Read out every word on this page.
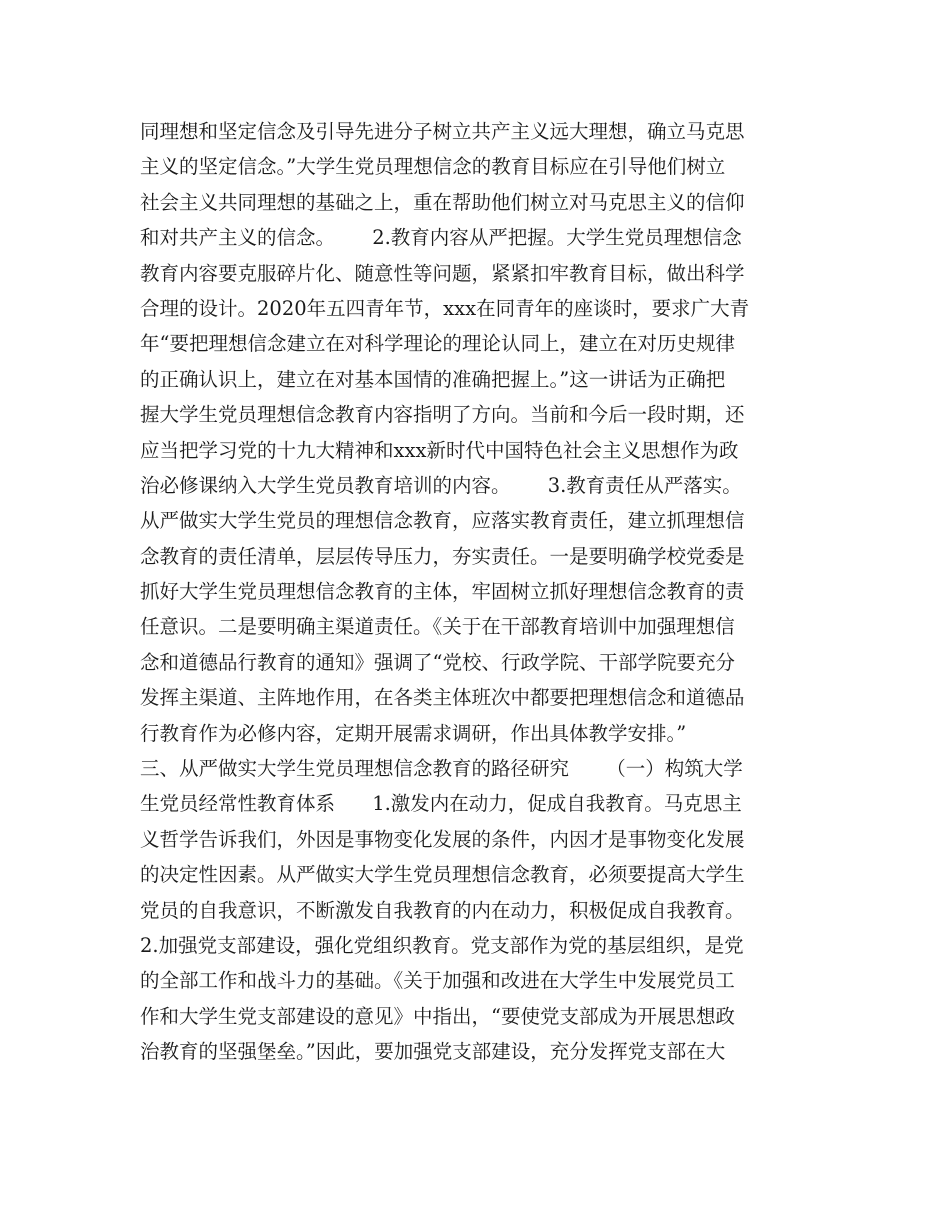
同理想和坚定信念及引导先进分子树立共产主义远大理想，确立马克思
主义的坚定信念。”大学生党员理想信念的教育目标应在引导他们树立
社会主义共同理想的基础之上，重在帮助他们树立对马克思主义的信仰
和对共产主义的信念。      2.教育内容从严把握。大学生党员理想信念
教育内容要克服碎片化、随意性等问题，紧紧扣牢教育目标，做出科学
合理的设计。2020年五四青年节，xxx在同青年的座谈时，要求广大青
年“要把理想信念建立在对科学理论的理论认同上，建立在对历史规律
的正确认识上，建立在对基本国情的准确把握上。”这一讲话为正确把
握大学生党员理想信念教育内容指明了方向。当前和今后一段时期，还
应当把学习党的十九大精神和xxx新时代中国特色社会主义思想作为政
治必修课纳入大学生党员教育培训的内容。      3.教育责任从严落实。
从严做实大学生党员的理想信念教育，应落实教育责任，建立抓理想信
念教育的责任清单，层层传导压力，夯实责任。一是要明确学校党委是
抓好大学生党员理想信念教育的主体，牢固树立抓好理想信念教育的责
任意识。二是要明确主渠道责任。《关于在干部教育培训中加强理想信
念和道德品行教育的通知》强调了“党校、行政学院、干部学院要充分
发挥主渠道、主阵地作用，在各类主体班次中都要把理想信念和道德品
行教育作为必修内容，定期开展需求调研，作出具体教学安排。”
三、从严做实大学生党员理想信念教育的路径研究      （一）构筑大学
生党员经常性教育体系      1.激发内在动力，促成自我教育。马克思主
义哲学告诉我们，外因是事物变化发展的条件，内因才是事物变化发展
的决定性因素。从严做实大学生党员理想信念教育，必须要提高大学生
党员的自我意识，不断激发自我教育的内在动力，积极促成自我教育。
2.加强党支部建设，强化党组织教育。党支部作为党的基层组织，是党
的全部工作和战斗力的基础。《关于加强和改进在大学生中发展党员工
作和大学生党支部建设的意见》中指出，“要使党支部成为开展思想政
治教育的坚强堡垒。”因此，要加强党支部建设，充分发挥党支部在大
